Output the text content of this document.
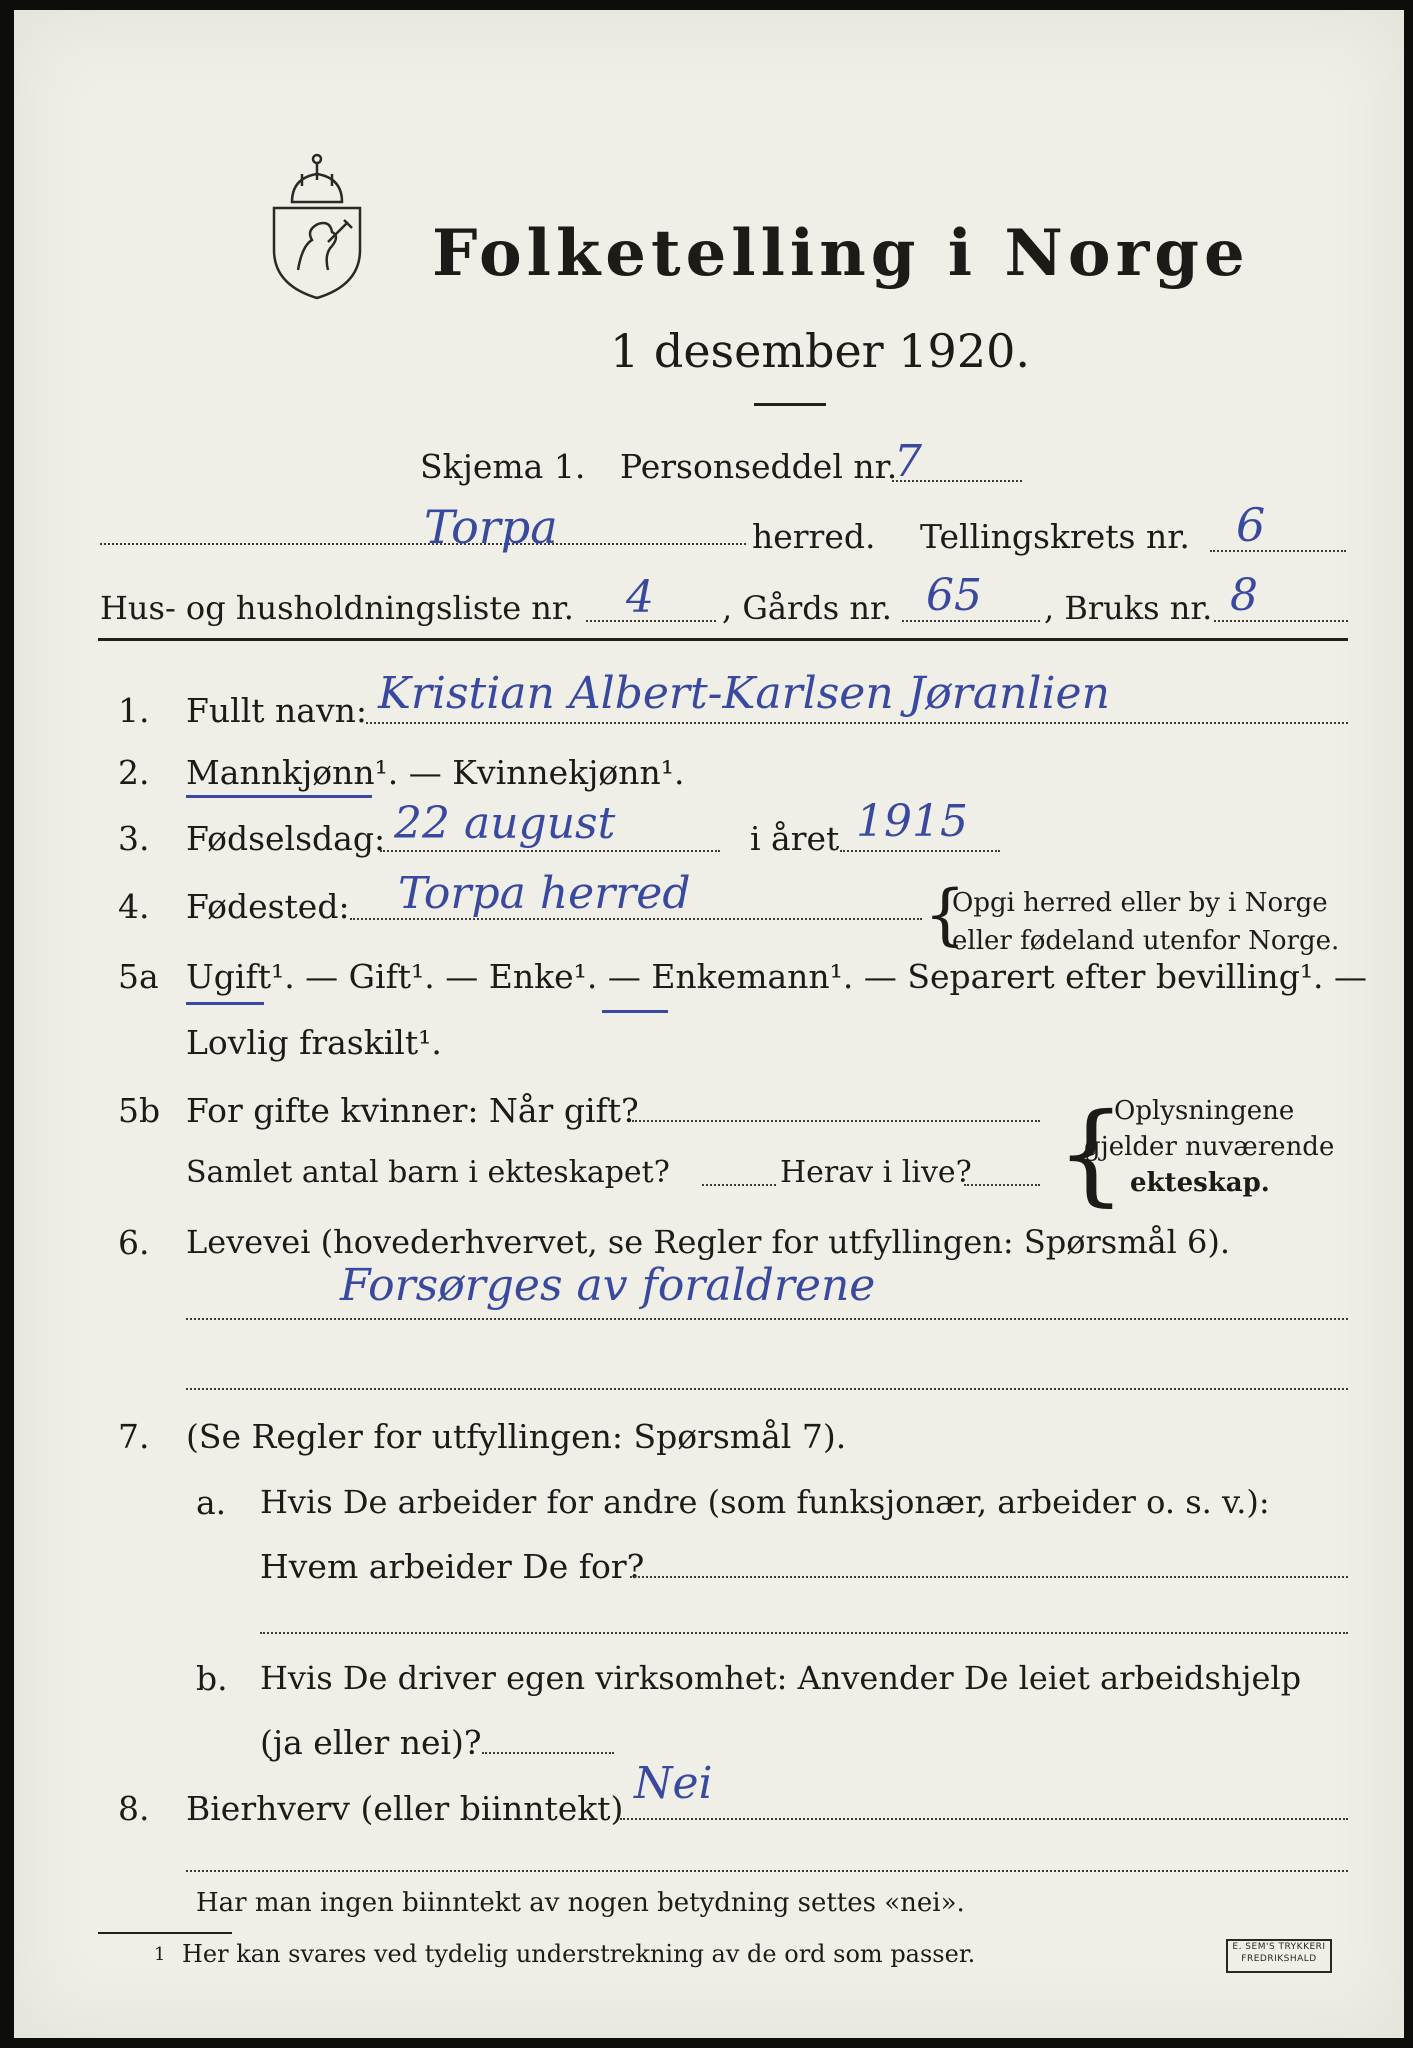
Folketelling i Norge
1 desember 1920.
Skjema 1. Personseddel nr.
7
Torpa	herred. Tellingskrets nr. 6
Hus- og husholdningsliste nr. 4 , Gårds nr. 65 , Bruks nr. 8
1. Fullt navn: Kristian Albert-Karlsen Jøranlien
2. Mannkjønn¹. — Kvinnekjønn¹.
3. Fødselsdag: 22 august	i året 1915
4. Fødested: Torpa herred	{
Opgi herred eller by i Norge
eller fødeland utenfor Norge.
5a Ugift¹. — Gift¹. — Enke¹. — Enkemann¹. — Separert efter bevilling¹. —
Lovlig fraskilt¹.
5b For gifte kvinner: Når gift?
Samlet antal barn i ekteskapet?	Herav i live? {
Oplysningene
gjelder nuværende
ekteskap.
6. Levevei (hovederhvervet, se Regler for utfyllingen: Spørsmål 6).
Forsørges av foraldrene
7. (Se Regler for utfyllingen: Spørsmål 7).
a. Hvis De arbeider for andre (som funksjonær, arbeider o. s. v.):
Hvem arbeider De for?
b. Hvis De driver egen virksomhet: Anvender De leiet arbeidshjelp
(ja eller nei)?
8. Bierhverv (eller biinntekt) Nei
Har man ingen biinntekt av nogen betydning settes «nei».
1 Her kan svares ved tydelig understrekning av de ord som passer.	E. SEM'S TRYKKERI
FREDRIKSHALD
